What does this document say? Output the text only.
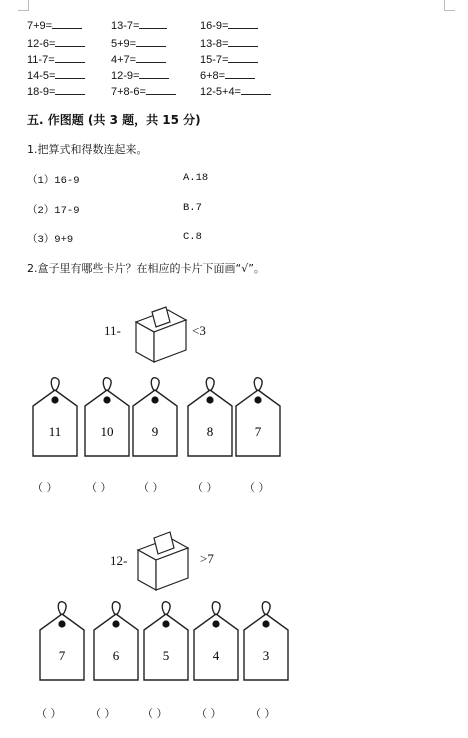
7+9=	13-7=	16-9=
12-6=	5+9=	13-8=
11-7=	4+7=	15-7=
14-5=	12-9=	6+8=
18-9=	7+8-6=	12-5+4=
五. 作图题 (共 3 题，共 15 分)
1.把算式和得数连起来。
（1）16-9	A.18
（2）17-9	B.7
（3）9+9	C.8
2.盒子里有哪些卡片？在相应的卡片下面画“√”。
11	10	9	8	7
7	6	5	4	3
11-	<3
12-	>7
（ ）	（ ） （ ）	（ ） （ ）
（ ）	（ ） （ ）	（ ）	（ ）
